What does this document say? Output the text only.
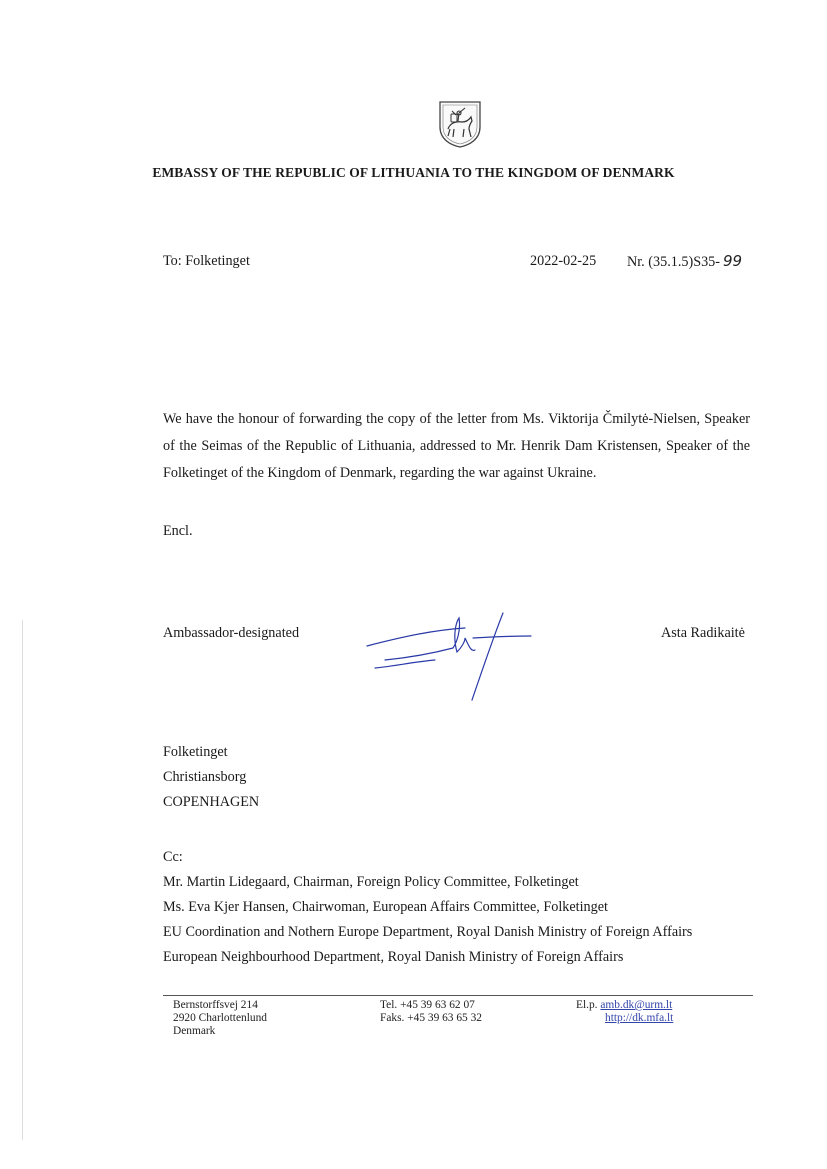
EMBASSY OF THE REPUBLIC OF LITHUANIA TO THE KINGDOM OF DENMARK
To: Folketinget	2022-02-25 Nr. (35.1.5)S35- 99
We have the honour of forwarding the copy of the letter from Ms. Viktorija Čmilytė-Nielsen, Speaker of the Seimas of the Republic of Lithuania, addressed to Mr. Henrik Dam Kristensen, Speaker of the Folketinget of the Kingdom of Denmark, regarding the war against Ukraine.
Encl.
Ambassador-designated	Asta Radikaitė
Folketinget
Christiansborg
COPENHAGEN
Cc:
Mr. Martin Lidegaard, Chairman, Foreign Policy Committee, Folketinget
Ms. Eva Kjer Hansen, Chairwoman, European Affairs Committee, Folketinget
EU Coordination and Nothern Europe Department, Royal Danish Ministry of Foreign Affairs
European Neighbourhood Department, Royal Danish Ministry of Foreign Affairs
Bernstorffsvej 214
2920 Charlottenlund
Denmark
Tel. +45 39 63 62 07
Faks. +45 39 63 65 32
El.p. amb.dk@urm.lt
http://dk.mfa.lt
